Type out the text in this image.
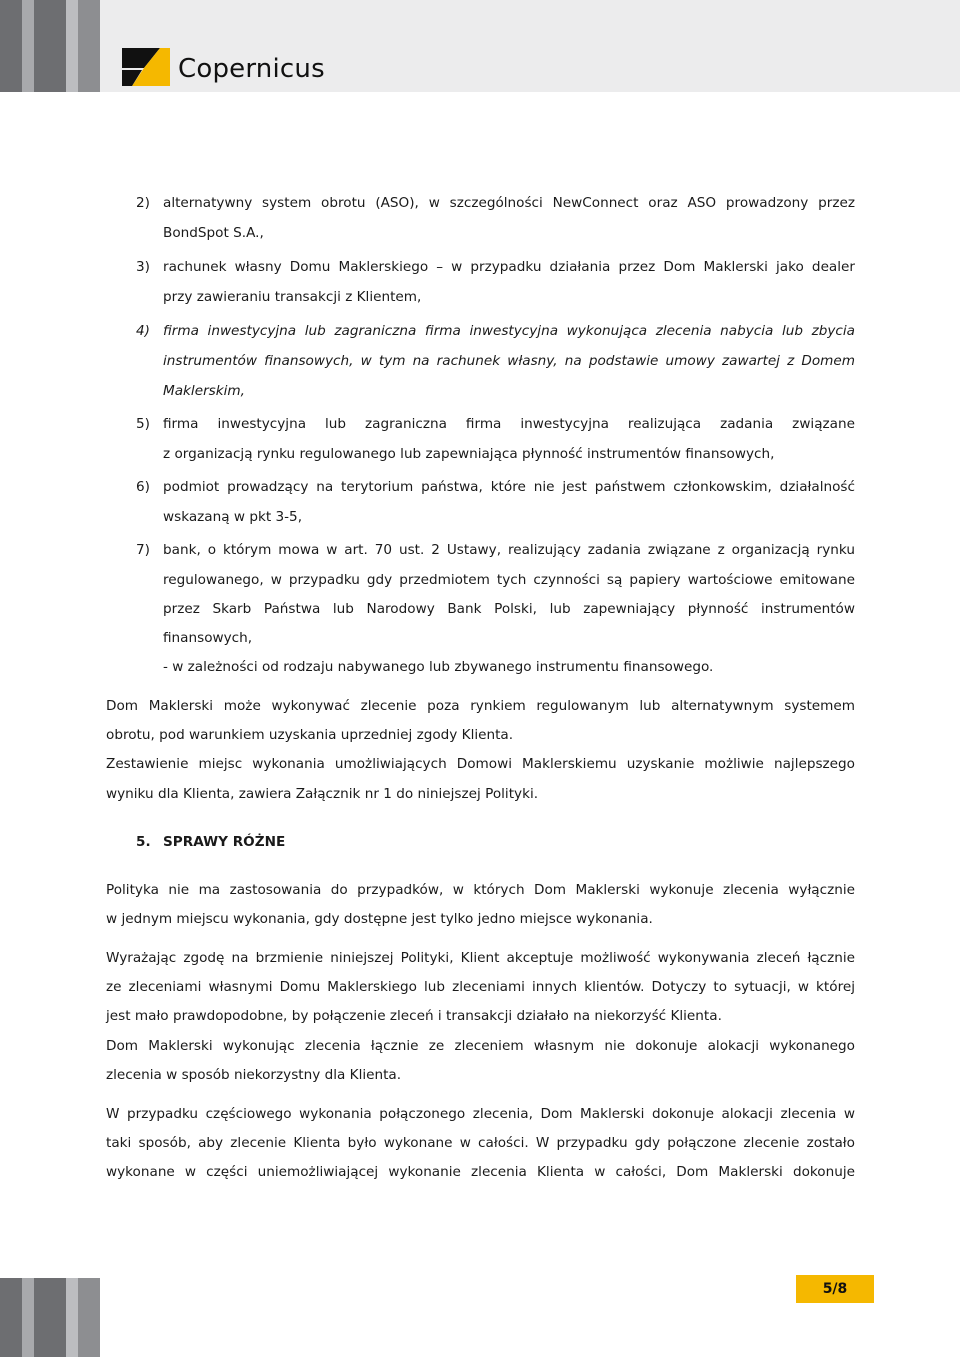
Copernicus
2) alternatywny system obrotu (ASO), w szczególności NewConnect oraz ASO prowadzony przez
BondSpot S.A.,
3) rachunek własny Domu Maklerskiego – w przypadku działania przez Dom Maklerski jako dealer
przy zawieraniu transakcji z Klientem,
4) firma inwestycyjna lub zagraniczna firma inwestycyjna wykonująca zlecenia nabycia lub zbycia
instrumentów finansowych, w tym na rachunek własny, na podstawie umowy zawartej z Domem
Maklerskim,
5) firma inwestycyjna lub zagraniczna firma inwestycyjna realizująca zadania związane
z organizacją rynku regulowanego lub zapewniająca płynność instrumentów finansowych,
6) podmiot prowadzący na terytorium państwa, które nie jest państwem członkowskim, działalność
wskazaną w pkt 3-5,
7) bank, o którym mowa w art. 70 ust. 2 Ustawy, realizujący zadania związane z organizacją rynku
regulowanego, w przypadku gdy przedmiotem tych czynności są papiery wartościowe emitowane
przez Skarb Państwa lub Narodowy Bank Polski, lub zapewniający płynność instrumentów
finansowych,
- w zależności od rodzaju nabywanego lub zbywanego instrumentu finansowego.
Dom Maklerski może wykonywać zlecenie poza rynkiem regulowanym lub alternatywnym systemem
obrotu, pod warunkiem uzyskania uprzedniej zgody Klienta.
Zestawienie miejsc wykonania umożliwiających Domowi Maklerskiemu uzyskanie możliwie najlepszego
wyniku dla Klienta, zawiera Załącznik nr 1 do niniejszej Polityki.
5. SPRAWY RÓŻNE
Polityka nie ma zastosowania do przypadków, w których Dom Maklerski wykonuje zlecenia wyłącznie
w jednym miejscu wykonania, gdy dostępne jest tylko jedno miejsce wykonania.
Wyrażając zgodę na brzmienie niniejszej Polityki, Klient akceptuje możliwość wykonywania zleceń łącznie
ze zleceniami własnymi Domu Maklerskiego lub zleceniami innych klientów. Dotyczy to sytuacji, w której
jest mało prawdopodobne, by połączenie zleceń i transakcji działało na niekorzyść Klienta.
Dom Maklerski wykonując zlecenia łącznie ze zleceniem własnym nie dokonuje alokacji wykonanego
zlecenia w sposób niekorzystny dla Klienta.
W przypadku częściowego wykonania połączonego zlecenia, Dom Maklerski dokonuje alokacji zlecenia w
taki sposób, aby zlecenie Klienta było wykonane w całości. W przypadku gdy połączone zlecenie zostało
wykonane w części uniemożliwiającej wykonanie zlecenia Klienta w całości, Dom Maklerski dokonuje
5/8
